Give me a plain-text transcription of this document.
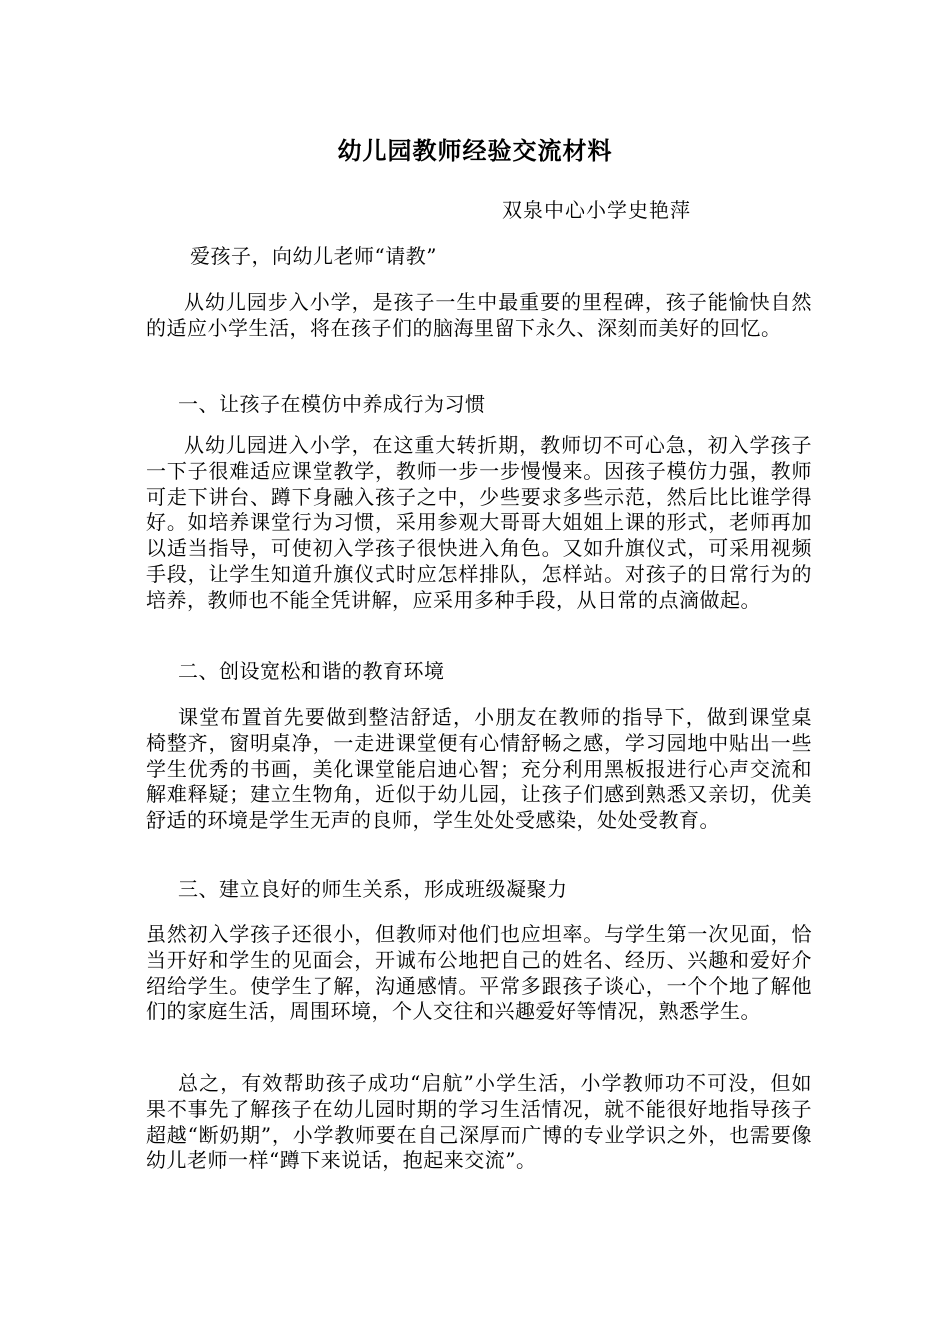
幼儿园教师经验交流材料

双泉中心小学史艳萍

爱孩子，向幼儿老师“请教”

从幼儿园步入小学，是孩子一生中最重要的里程碑，孩子能愉快自然的适应小学生活，将在孩子们的脑海里留下永久、深刻而美好的回忆。

一、让孩子在模仿中养成行为习惯

从幼儿园进入小学，在这重大转折期，教师切不可心急，初入学孩子一下子很难适应课堂教学，教师一步一步慢慢来。因孩子模仿力强，教师可走下讲台、蹲下身融入孩子之中，少些要求多些示范，然后比比谁学得好。如培养课堂行为习惯，采用参观大哥哥大姐姐上课的形式，老师再加以适当指导，可使初入学孩子很快进入角色。又如升旗仪式，可采用视频手段，让学生知道升旗仪式时应怎样排队，怎样站。对孩子的日常行为的培养，教师也不能全凭讲解，应采用多种手段，从日常的点滴做起。

二、创设宽松和谐的教育环境

课堂布置首先要做到整洁舒适，小朋友在教师的指导下，做到课堂桌椅整齐，窗明桌净，一走进课堂便有心情舒畅之感，学习园地中贴出一些学生优秀的书画，美化课堂能启迪心智；充分利用黑板报进行心声交流和解难释疑；建立生物角，近似于幼儿园，让孩子们感到熟悉又亲切，优美舒适的环境是学生无声的良师，学生处处受感染，处处受教育。

三、建立良好的师生关系，形成班级凝聚力

虽然初入学孩子还很小，但教师对他们也应坦率。与学生第一次见面，恰当开好和学生的见面会，开诚布公地把自己的姓名、经历、兴趣和爱好介绍给学生。使学生了解，沟通感情。平常多跟孩子谈心，一个个地了解他们的家庭生活，周围环境，个人交往和兴趣爱好等情况，熟悉学生。

总之，有效帮助孩子成功“启航”小学生活，小学教师功不可没，但如果不事先了解孩子在幼儿园时期的学习生活情况，就不能很好地指导孩子超越“断奶期”，小学教师要在自己深厚而广博的专业学识之外，也需要像幼儿老师一样“蹲下来说话，抱起来交流”。
